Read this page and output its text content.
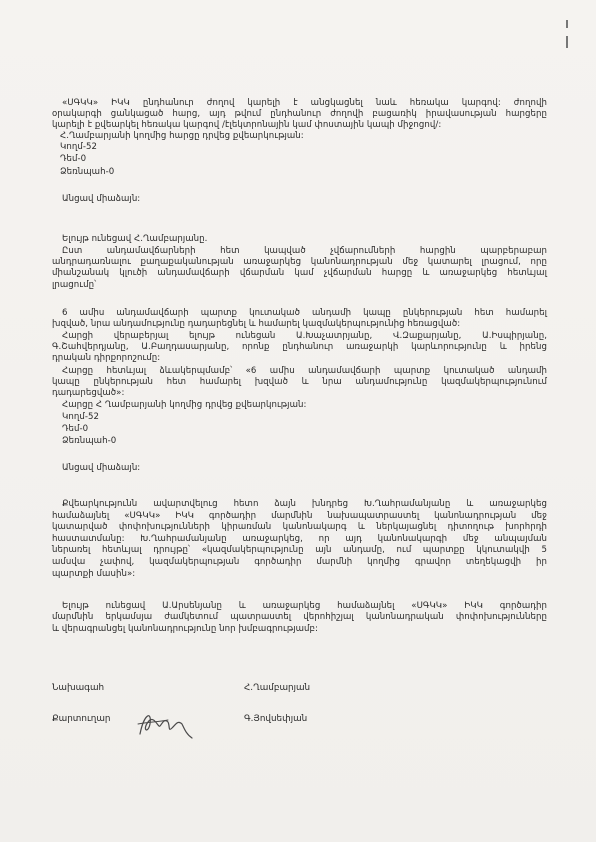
«ՍԳԿԿ» ԻԿԿ ընդհանուր ժողով կարելի է անցկացնել նաև հեռակա կարգով: ժողովի
օրակարգի ցանկացած հարց, այդ թվում ընդհանուր ժողովի բացառիկ իրավասության հարցերը
կարելի է քվեարկել հեռակա կարգով /էլեկտրոնային կամ փոստային կապի միջոցով/:
Հ.Ղամբարյանի կողմից հարցը դրվեց քվեարկության:
Կողմ-52
Դեմ-0
Ձեռնպահ-0
Անցավ միաձայն:
Ելույթ ունեցավ Հ.Ղամբարյանը.
Ըստ անդամավճարների հետ կապված չվճարումների հարցին պարբերաբար
անդրադառնալու քաղաքականության առաջարկեց կանոնադրության մեջ կատարել լրացում, որը
միանշանակ կլուծի անդամավճարի վճարման կամ չվճարման հարցը և առաջարկեց հետևյալ
լրացումը՝
6 ամիս անդամավճարի պարտք կուտակած անդամի կապը ընկերության հետ համարել
խզված, նրա անդամությունը դադարեցնել և համարել կազմակերպությունից հեռացված:
Հարցի վերաբերյալ ելույթ ունեցան Ա.Խաչատրյանը, Վ.Զաքարյանը, Ա.Իսպիրյանը,
Գ.Շահվերդյանը, Ա.Բաղդասարյանը, որոնք ընդհանուր առաջարկի կարևորությունը և իրենց
դրական դիրքորոշումը:
Հարցը հետևյալ ձևակերպմամբ՝ «6 ամիս անդամավճարի պարտք կուտակած անդամի
կապը ընկերության հետ համարել խզված և նրա անդամությունը կազմակերպությունում
դադարեցված»:
Հարցը Հ Ղամբարյանի կողմից դրվեց քվեարկության:
Կողմ-52
Դեմ-0
Ձեռնպահ-0
Անցավ միաձայն:
Քվեարկությունն ավարտվելուց հետո ձայն խնդրեց Խ.Ղահրամանյանը և առաջարկեց
համաձայնել «ՍԳԿԿ» ԻԿԿ գործադիր մարմնին նախապատրաստել կանոնադրության մեջ
կատարված փոփոխությունների կիրառման կանոնակարգ և ներկայացնել դիտողութ խորհրդի
հաստատմանը: Խ.Ղահրամանյանը առաջարկեց, որ այդ կանոնակարգի մեջ անպայման
ներառել հետևյալ դրույթը՝ «կազմակերպությունը այն անդամը, ում պարտքը կկուտակվի 5
ամսվա չափով, կազմակերպության գործադիր մարմնի կողմից գրավոր տեղեկացվի իր
պարտքի մասին»:
Ելույթ ունեցավ Ա.Արսենյանը և առաջարկեց համաձայնել «ՍԳԿԿ» ԻԿԿ գործադիր
մարմնին երկամսյա ժամկետում պատրաստել վերոհիշյալ կանոնադրական փոփոխությունները
և վերագրանցել կանոնադրությունը նոր խմբագրությամբ:
Նախագահ	Հ.Ղամբարյան
Քարտուղար	Գ.Յովսեփյան
